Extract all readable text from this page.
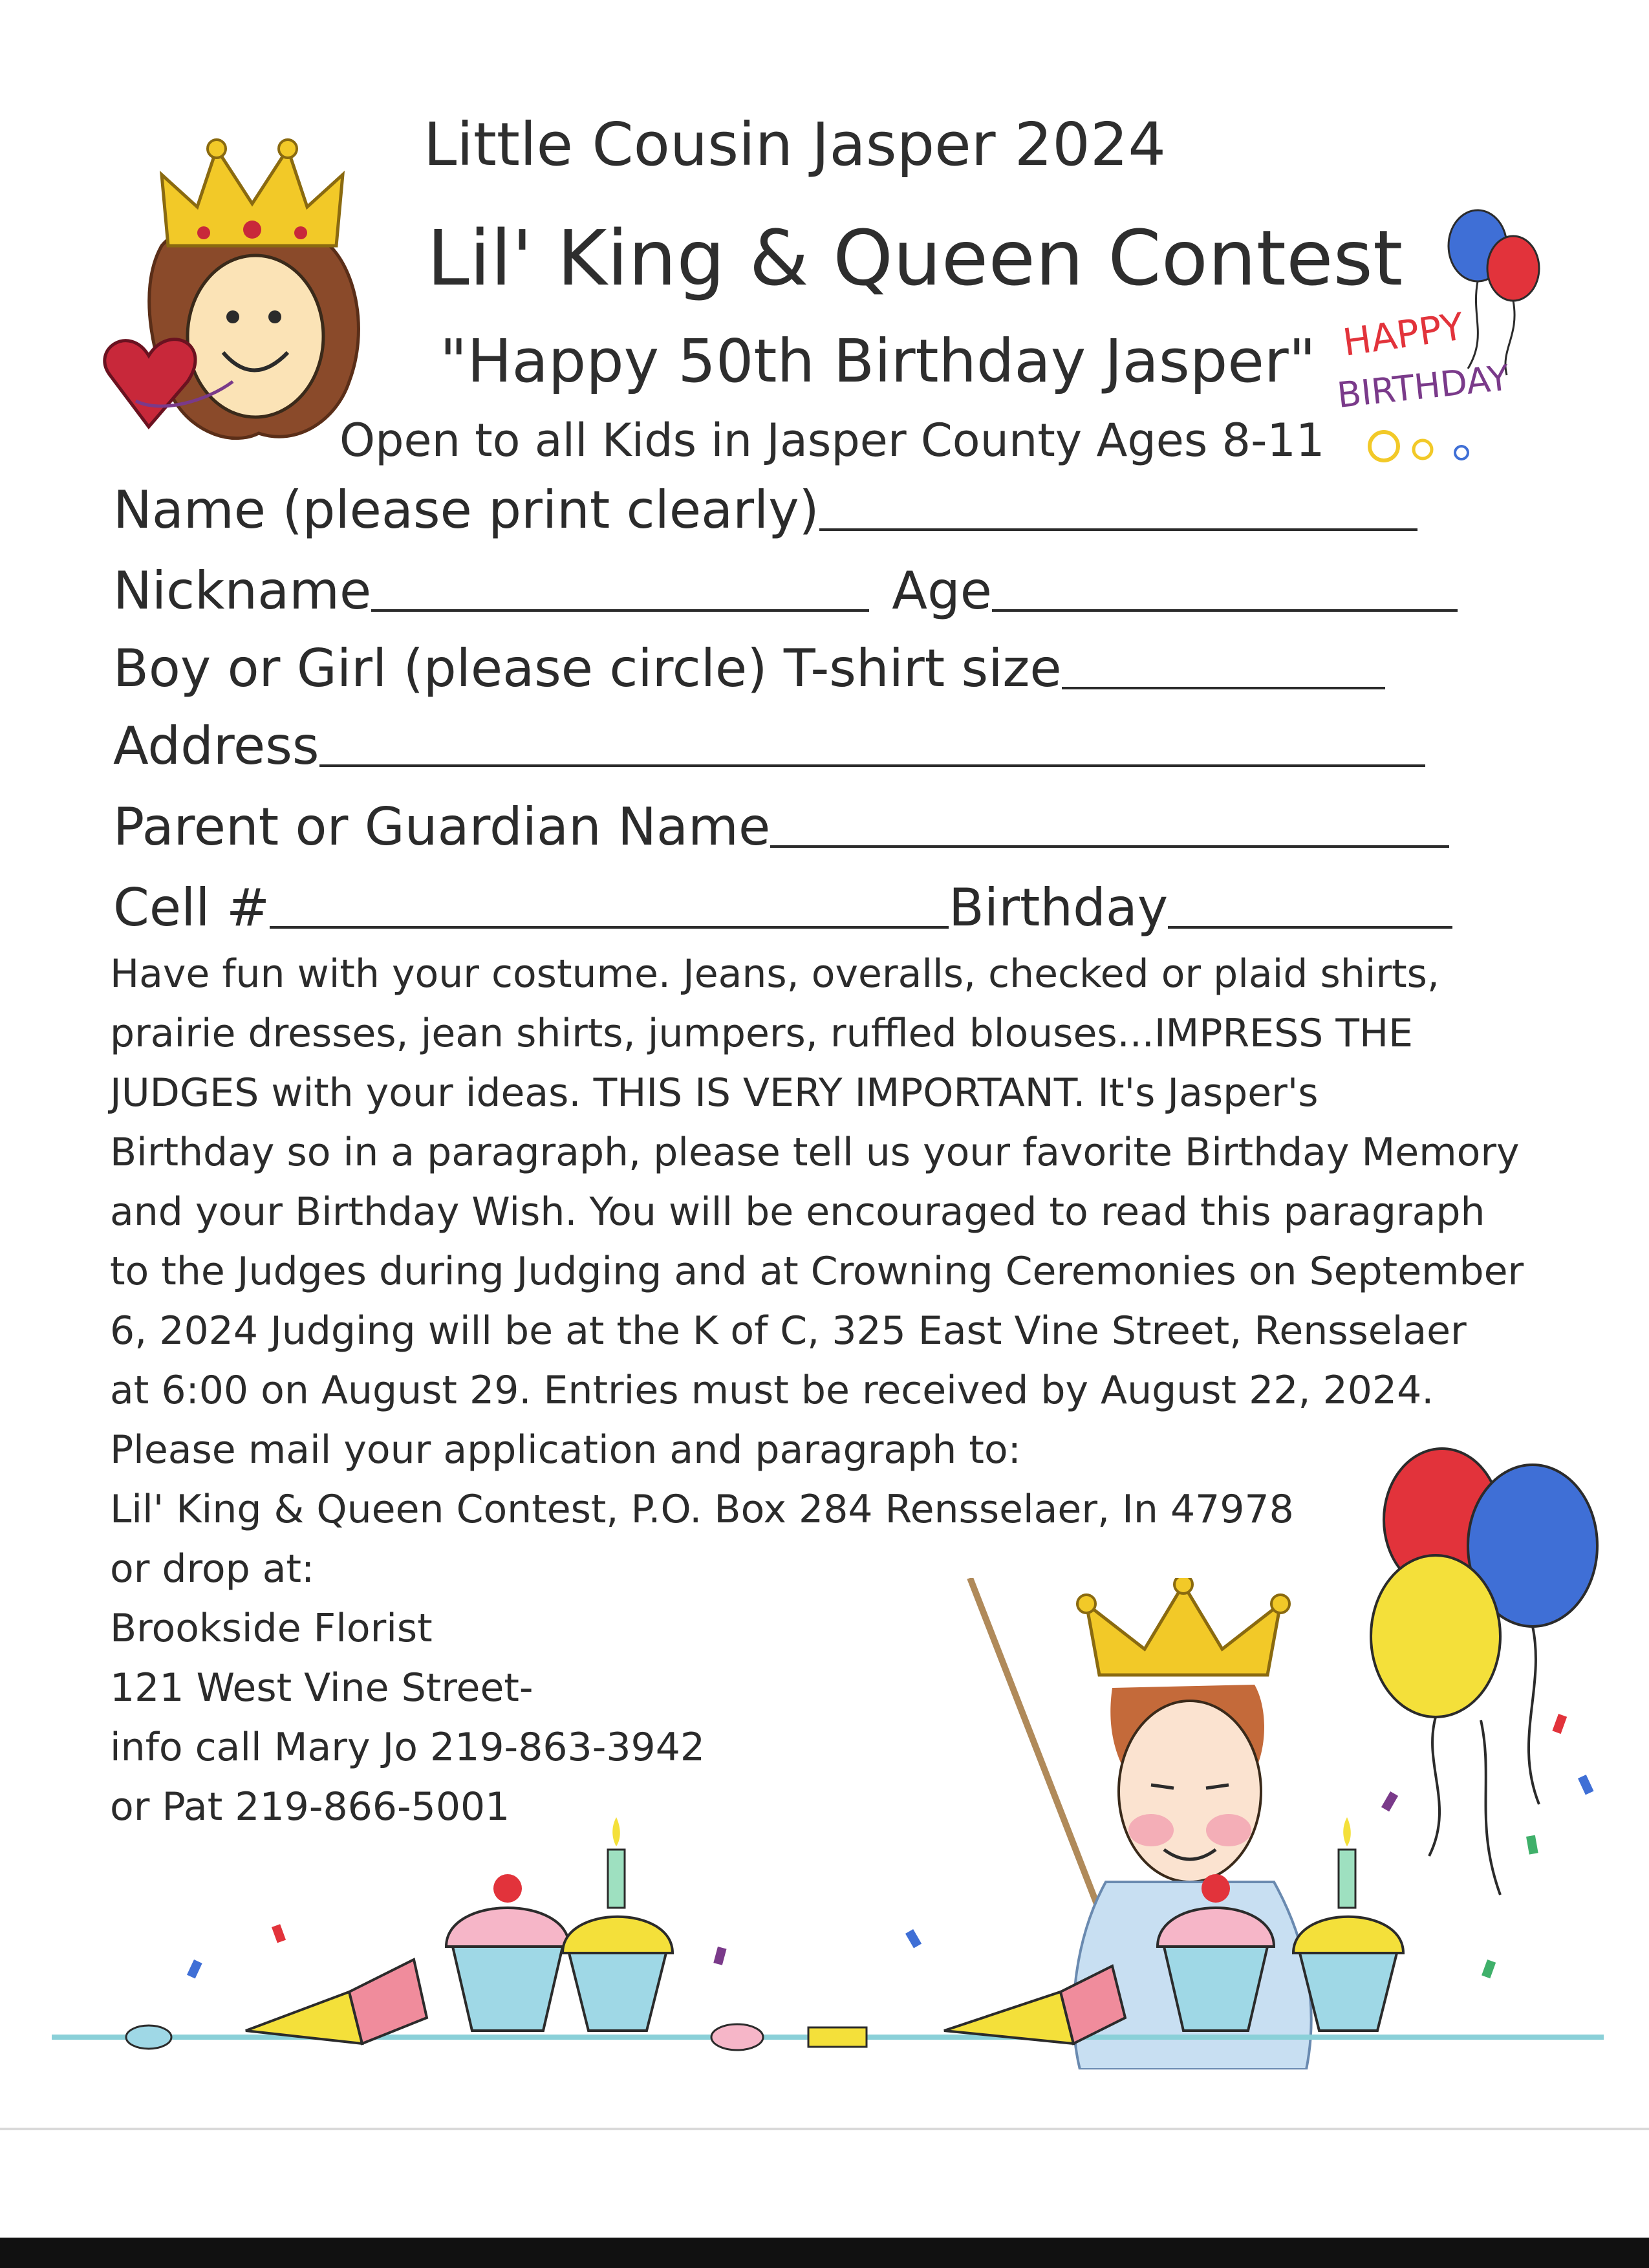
Little Cousin Jasper 2024
Lil' King & Queen Contest
"Happy 50th Birthday Jasper"
Open to all Kids in Jasper County Ages 8-11
HAPPY
BIRTHDAY
Name (please print clearly)
Nickname	Age
Boy or Girl (please circle) T-shirt size
Address
Parent or Guardian Name
Cell #	Birthday
Have fun with your costume. Jeans, overalls, checked or plaid shirts,
prairie dresses, jean shirts, jumpers, ruffled blouses...IMPRESS THE
JUDGES with your ideas. THIS IS VERY IMPORTANT. It's Jasper's
Birthday so in a paragraph, please tell us your favorite Birthday Memory
and your Birthday Wish. You will be encouraged to read this paragraph
to the Judges during Judging and at Crowning Ceremonies on September
6, 2024 Judging will be at the K of C, 325 East Vine Street, Rensselaer
at 6:00 on August 29. Entries must be received by August 22, 2024.
Please mail your application and paragraph to:
Lil' King & Queen Contest, P.O. Box 284 Rensselaer, In 47978
or drop at:
Brookside Florist
121 West Vine Street-
info call Mary Jo 219-863-3942
or Pat 219-866-5001
